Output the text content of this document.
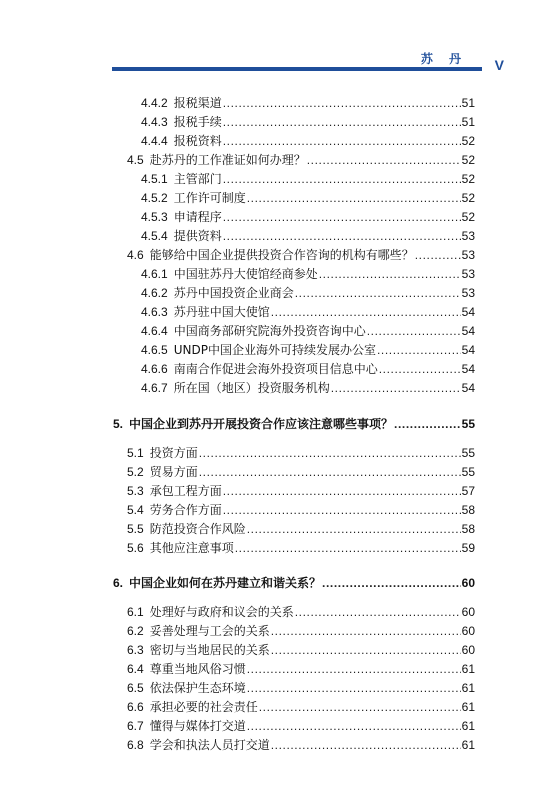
苏 丹 V
4.4.2 报税渠道 .....	51
4.4.3 报税手续 .....	51
4.4.4 报税资料 .....	52
4.5 赴苏丹的工作准证如何办理？ .....	52
4.5.1 主管部门 .....	52
4.5.2 工作许可制度 .....	52
4.5.3 申请程序 .....	52
4.5.4 提供资料 .....	53
4.6 能够给中国企业提供投资合作咨询的机构有哪些？ .....	53
4.6.1 中国驻苏丹大使馆经商参处 .....	53
4.6.2 苏丹中国投资企业商会 .....	53
4.6.3 苏丹驻中国大使馆 .....	54
4.6.4 中国商务部研究院海外投资咨询中心 .....	54
4.6.5 UNDP中国企业海外可持续发展办公室 .....	54
4.6.6 南南合作促进会海外投资项目信息中心 .....	54
4.6.7 所在国（地区）投资服务机构 .....	54
5. 中国企业到苏丹开展投资合作应该注意哪些事项？ .....	55
5.1 投资方面 .....	55
5.2 贸易方面 .....	55
5.3 承包工程方面 .....	57
5.4 劳务合作方面 .....	58
5.5 防范投资合作风险 .....	58
5.6 其他应注意事项 .....	59
6. 中国企业如何在苏丹建立和谐关系？ .....	60
6.1 处理好与政府和议会的关系 .....	60
6.2 妥善处理与工会的关系 .....	60
6.3 密切与当地居民的关系 .....	60
6.4 尊重当地风俗习惯 .....	61
6.5 依法保护生态环境 .....	61
6.6 承担必要的社会责任 .....	61
6.7 懂得与媒体打交道 .....	61
6.8 学会和执法人员打交道 .....	61
